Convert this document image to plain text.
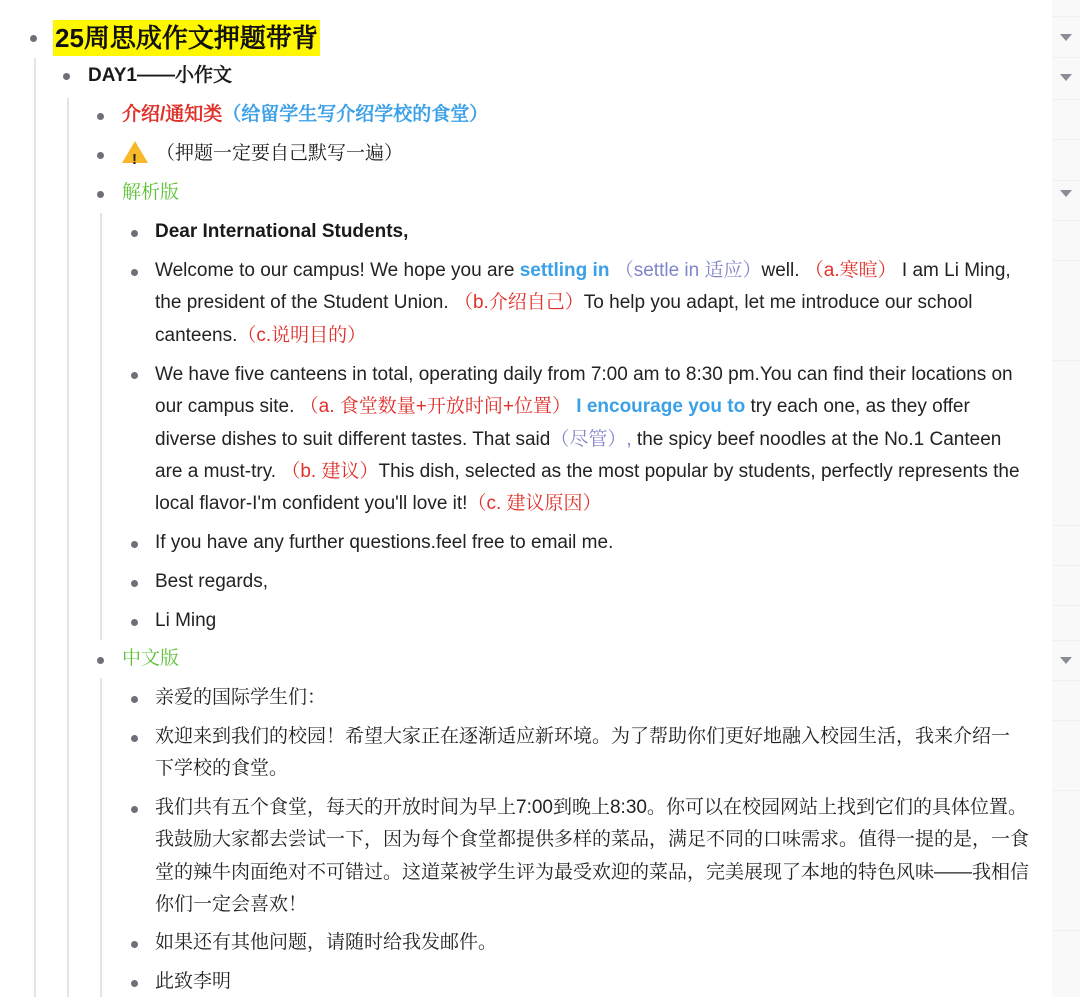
25周思成作文押题带背
DAY1——小作文
介绍/通知类 （给留学生写介绍学校的食堂）
!
（押题一定要自己默写一遍）
解析版
Dear International Students,
Welcome to our campus! We hope you are settling in （settle in 适应）well. （a.寒暄） I am Li Ming, the president of the Student Union. （b.介绍自己）To help you adapt, let me introduce our school canteens.（c.说明目的）
We have five canteens in total, operating daily from 7:00 am to 8:30 pm.You can find their locations on our campus site. （a. 食堂数量+开放时间+位置） I encourage you to try each one, as they offer diverse dishes to suit different tastes. That said（尽管）, the spicy beef noodles at the No.1 Canteen are a must-try. （b. 建议）This dish, selected as the most popular by students, perfectly represents the local flavor-I'm confident you'll love it!（c. 建议原因）
If you have any further questions.feel free to email me.
Best regards,
Li Ming
中文版
亲爱的国际学生们：
欢迎来到我们的校园！希望大家正在逐渐适应新环境。为了帮助你们更好地融入校园生活，我来介绍一下学校的食堂。
我们共有五个食堂，每天的开放时间为早上7:00到晚上8:30。你可以在校园网站上找到它们的具体位置。我鼓励大家都去尝试一下，因为每个食堂都提供多样的菜品，满足不同的口味需求。值得一提的是，一食堂的辣牛肉面绝对不可错过。这道菜被学生评为最受欢迎的菜品，完美展现了本地的特色风味——我相信你们一定会喜欢！
如果还有其他问题，请随时给我发邮件。
此致李明
